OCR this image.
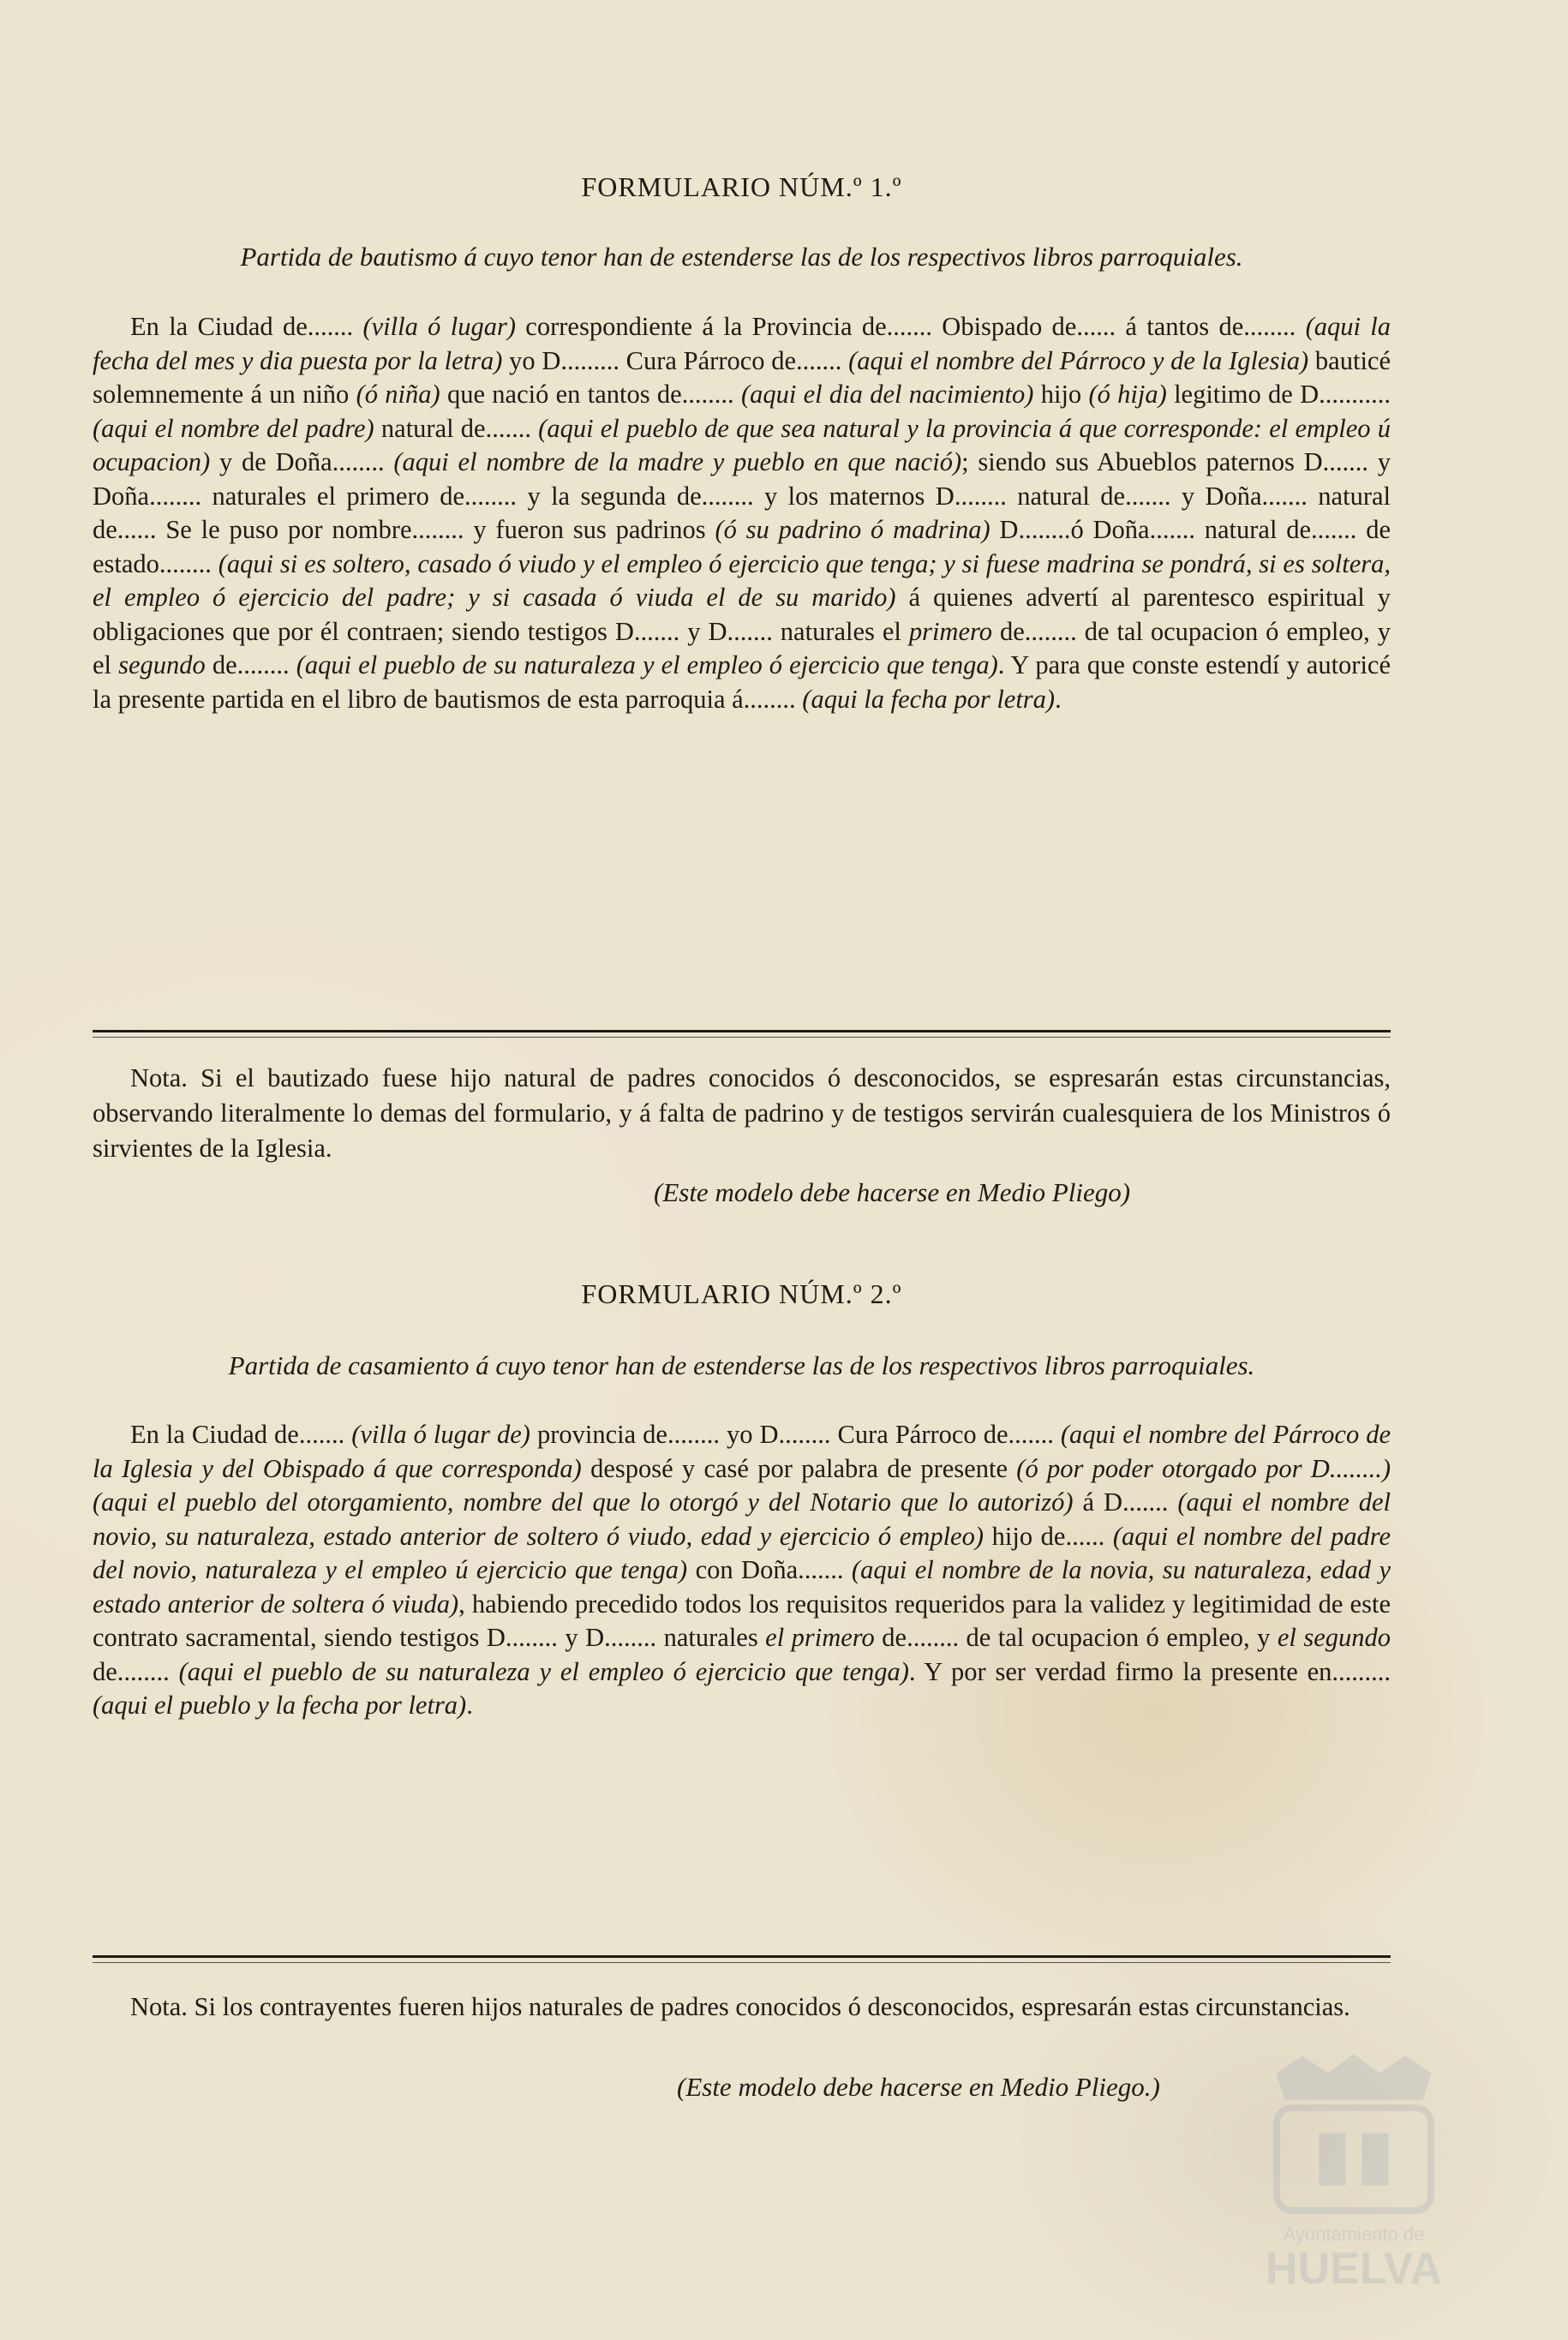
FORMULARIO NÚM.º 1.º

Partida de bautismo á cuyo tenor han de estenderse las de los respectivos libros parroquiales.

En la Ciudad de....... (villa ó lugar) correspondiente á la Provincia de....... Obispado de...... á tantos de........ (aqui la fecha del mes y dia puesta por la letra) yo D......... Cura Párroco de....... (aqui el nombre del Párroco y de la Iglesia) bauticé solemnemente á un niño (ó niña) que nació en tantos de........ (aqui el dia del nacimiento) hijo (ó hija) legitimo de D........... (aqui el nombre del padre) natural de....... (aqui el pueblo de que sea natural y la provincia á que corresponde: el empleo ú ocupacion) y de Doña........ (aqui el nombre de la madre y pueblo en que nació); siendo sus Abueblos paternos D....... y Doña........ naturales el primero de........ y la segunda de........ y los maternos D........ natural de....... y Doña....... natural de...... Se le puso por nombre........ y fueron sus padrinos (ó su padrino ó madrina) D........ó Doña....... natural de....... de estado........ (aqui si es soltero, casado ó viudo y el empleo ó ejercicio que tenga; y si fuese madrina se pondrá, si es soltera, el empleo ó ejercicio del padre; y si casada ó viuda el de su marido) á quienes advertí al parentesco espiritual y obligaciones que por él contraen; siendo testigos D....... y D....... naturales el primero de........ de tal ocupacion ó empleo, y el segundo de........ (aqui el pueblo de su naturaleza y el empleo ó ejercicio que tenga). Y para que conste estendí y autoricé la presente partida en el libro de bautismos de esta parroquia á........ (aqui la fecha por letra).

Nota. Si el bautizado fuese hijo natural de padres conocidos ó desconocidos, se espresarán estas circunstancias, observando literalmente lo demas del formulario, y á falta de padrino y de testigos servirán cualesquiera de los Ministros ó sirvientes de la Iglesia.

(Este modelo debe hacerse en Medio Pliego)

FORMULARIO NÚM.º 2.º

Partida de casamiento á cuyo tenor han de estenderse las de los respectivos libros parroquiales.

En la Ciudad de....... (villa ó lugar de) provincia de........ yo D........ Cura Párroco de....... (aqui el nombre del Párroco de la Iglesia y del Obispado á que corresponda) desposé y casé por palabra de presente (ó por poder otorgado por D........) (aqui el pueblo del otorgamiento, nombre del que lo otorgó y del Notario que lo autorizó) á D....... (aqui el nombre del novio, su naturaleza, estado anterior de soltero ó viudo, edad y ejercicio ó empleo) hijo de...... (aqui el nombre del padre del novio, naturaleza y el empleo ú ejercicio que tenga) con Doña....... (aqui el nombre de la novia, su naturaleza, edad y estado anterior de soltera ó viuda), habiendo precedido todos los requisitos requeridos para la validez y legitimidad de este contrato sacramental, siendo testigos D........ y D........ naturales el primero de........ de tal ocupacion ó empleo, y el segundo de........ (aqui el pueblo de su naturaleza y el empleo ó ejercicio que tenga). Y por ser verdad firmo la presente en......... (aqui el pueblo y la fecha por letra).

Nota. Si los contrayentes fueren hijos naturales de padres conocidos ó desconocidos, espresarán estas circunstancias.

(Este modelo debe hacerse en Medio Pliego.)

Ayuntamiento de
HUELVA
